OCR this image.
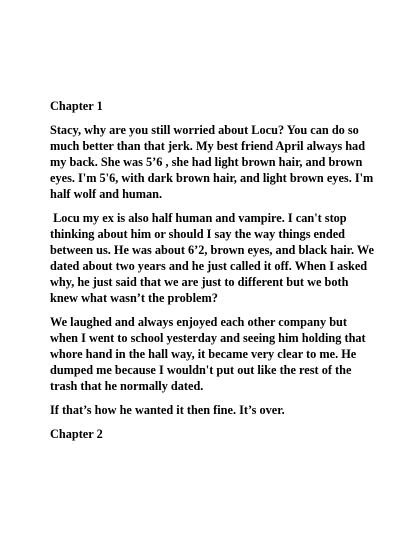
Chapter 1
Stacy, why are you still worried about Locu? You can do so much better than that jerk. My best friend April always had my back. She was 5’6 , she had light brown hair, and brown eyes. I'm 5'6, with dark brown hair, and light brown eyes. I'm half wolf and human.
Locu my ex is also half human and vampire. I can't stop thinking about him or should I say the way things ended between us. He was about 6’2, brown eyes, and black hair. We dated about two years and he just called it off. When I asked why, he just said that we are just to different but we both knew what wasn’t the problem?
We laughed and always enjoyed each other company but when I went to school yesterday and seeing him holding that whore hand in the hall way, it became very clear to me. He dumped me because I wouldn't put out like the rest of the trash that he normally dated.
If that’s how he wanted it then fine. It’s over.
Chapter 2
